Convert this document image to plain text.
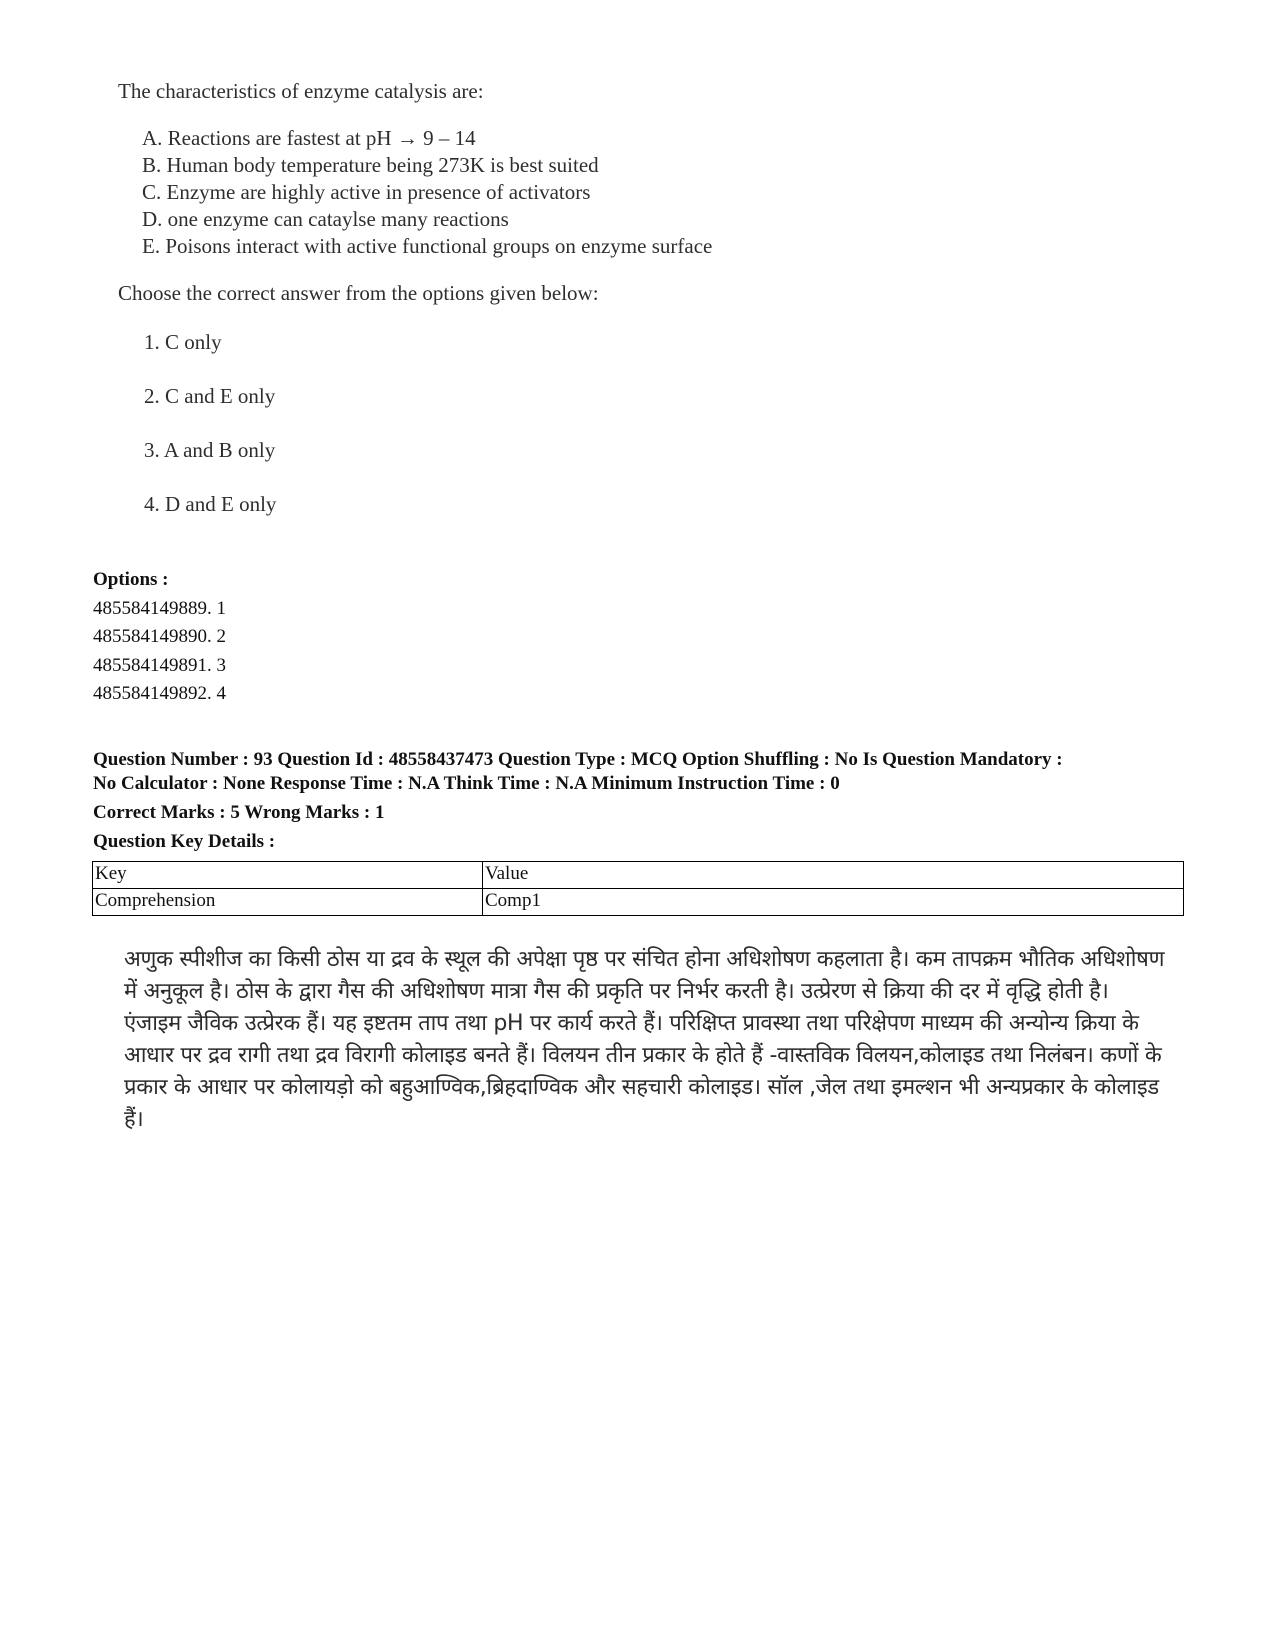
The characteristics of enzyme catalysis are:
A. Reactions are fastest at pH → 9 – 14
B. Human body temperature being 273K is best suited
C. Enzyme are highly active in presence of activators
D. one enzyme can cataylse many reactions
E. Poisons interact with active functional groups on enzyme surface
Choose the correct answer from the options given below:
1. C only
2. C and E only
3. A and B only
4. D and E only
Options :
485584149889. 1
485584149890. 2
485584149891. 3
485584149892. 4
Question Number : 93 Question Id : 48558437473 Question Type : MCQ Option Shuffling : No Is Question Mandatory :
No Calculator : None Response Time : N.A Think Time : N.A Minimum Instruction Time : 0
Correct Marks : 5 Wrong Marks : 1
Question Key Details :
Key	Value
Comprehension	Comp1
अणुक स्पीशीज का किसी ठोस या द्रव के स्थूल की अपेक्षा पृष्ठ पर संचित होना अधिशोषण कहलाता है। कम तापक्रम भौतिक अधिशोषण में अनुकूल है। ठोस के द्वारा गैस की अधिशोषण मात्रा गैस की प्रकृति पर निर्भर करती है। उत्प्रेरण से क्रिया की दर में वृद्धि होती है। एंजाइम जैविक उत्प्रेरक हैं। यह इष्टतम ताप तथा pH पर कार्य करते हैं। परिक्षिप्त प्रावस्था तथा परिक्षेपण माध्यम की अन्योन्य क्रिया के आधार पर द्रव रागी तथा द्रव विरागी कोलाइड बनते हैं। विलयन तीन प्रकार के होते हैं -वास्तविक विलयन,कोलाइड तथा निलंबन। कणों के प्रकार के आधार पर कोलायड़ो को बहुआण्विक,ब्रिहदाण्विक और सहचारी कोलाइड। सॉल ,जेल तथा इमल्शन भी अन्यप्रकार के कोलाइड हैं।
